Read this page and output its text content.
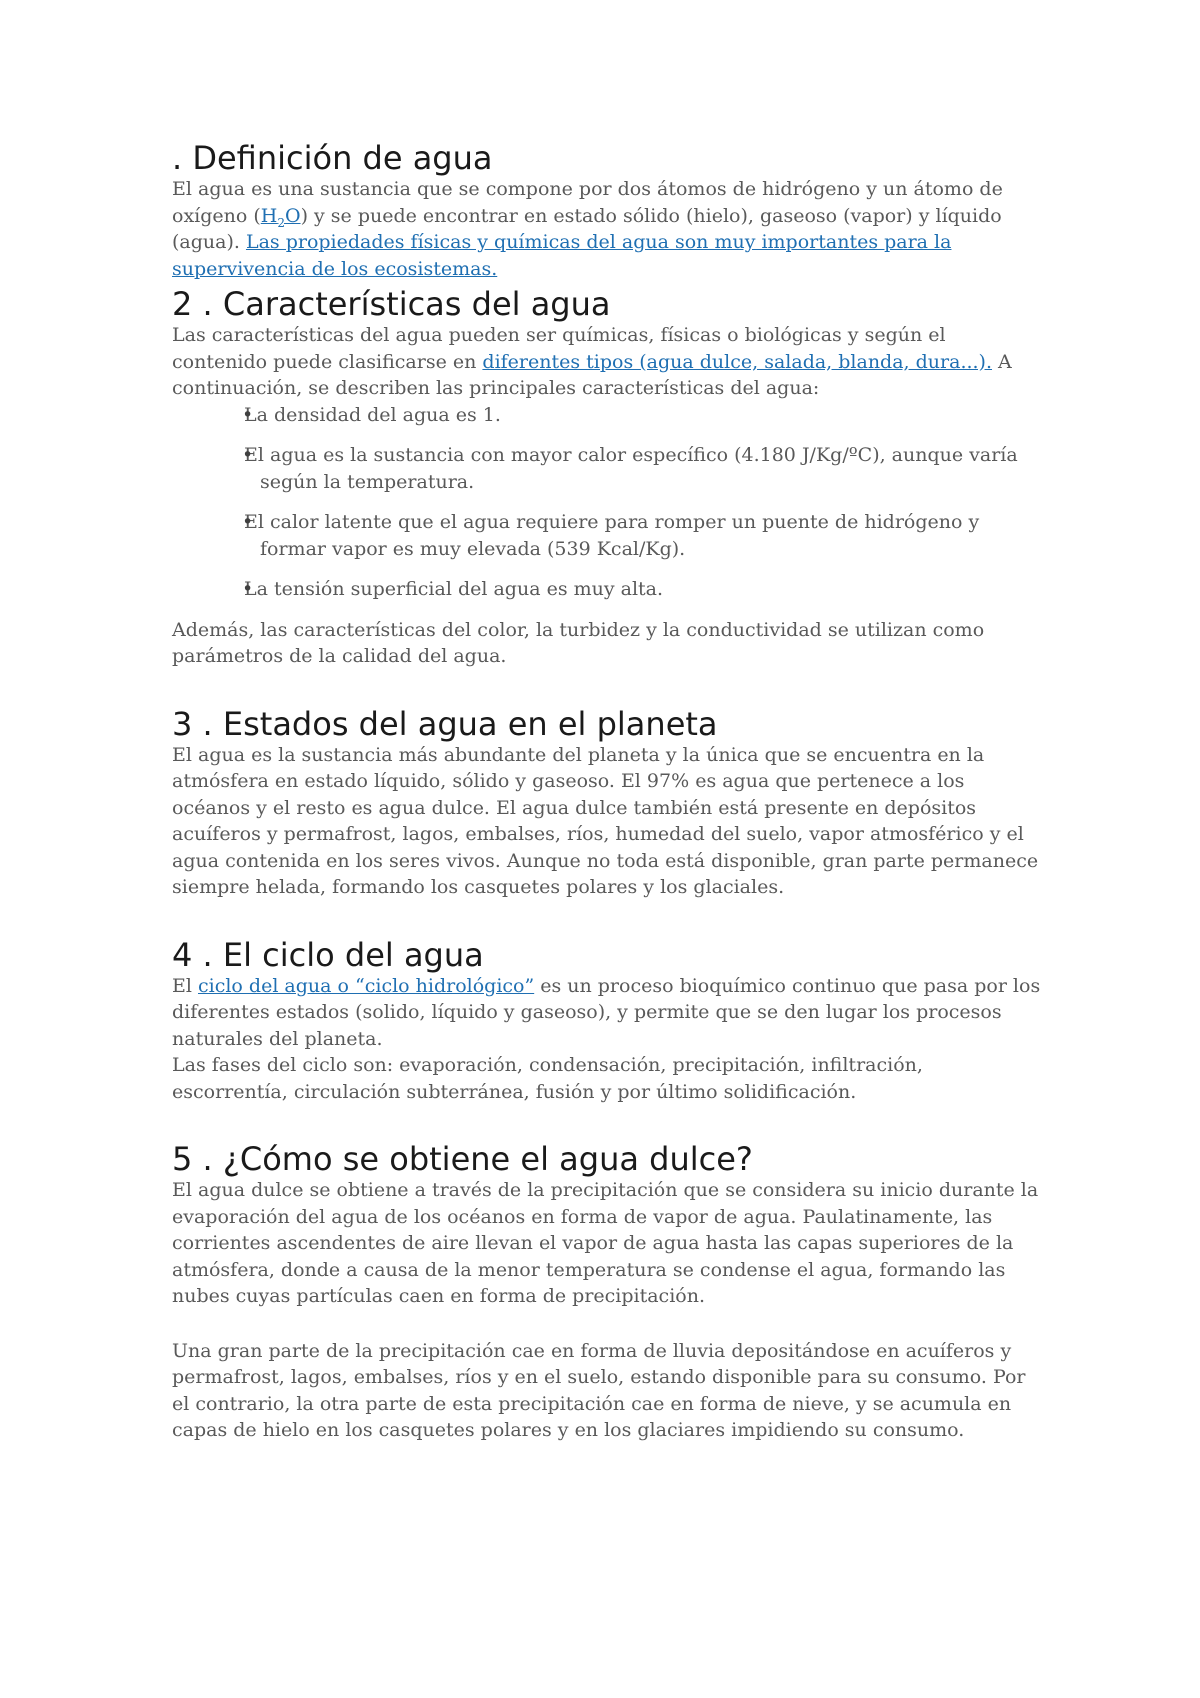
. Definición de agua

El agua es una sustancia que se compone por dos átomos de hidrógeno y un átomo de oxígeno $(H_2O)$ y se puede encontrar en estado sólido (hielo), gaseoso (vapor) y líquido (agua). Las propiedades físicas y químicas del agua son muy importantes para la supervivencia de los ecosistemas.

2 . Características del agua

Las características del agua pueden ser químicas, físicas o biológicas y según el contenido puede clasificarse en diferentes tipos (agua dulce, salada, blanda, dura...). A continuación, se describen las principales características del agua:

• La densidad del agua es 1.
• El agua es la sustancia con mayor calor específico (4.180 J/Kg/ºC), aunque varía según la temperatura.
• El calor latente que el agua requiere para romper un puente de hidrógeno y formar vapor es muy elevada (539 Kcal/Kg).
• La tensión superficial del agua es muy alta.

Además, las características del color, la turbidez y la conductividad se utilizan como parámetros de la calidad del agua.

3 . Estados del agua en el planeta

El agua es la sustancia más abundante del planeta y la única que se encuentra en la atmósfera en estado líquido, sólido y gaseoso. El 97% es agua que pertenece a los océanos y el resto es agua dulce. El agua dulce también está presente en depósitos acuíferos y permafrost, lagos, embalses, ríos, humedad del suelo, vapor atmosférico y el agua contenida en los seres vivos. Aunque no toda está disponible, gran parte permanece siempre helada, formando los casquetes polares y los glaciales.

4 . El ciclo del agua

El ciclo del agua o “ciclo hidrológico” es un proceso bioquímico continuo que pasa por los diferentes estados (solido, líquido y gaseoso), y permite que se den lugar los procesos naturales del planeta.

Las fases del ciclo son: evaporación, condensación, precipitación, infiltración, escorrentía, circulación subterránea, fusión y por último solidificación.

5 . ¿Cómo se obtiene el agua dulce?

El agua dulce se obtiene a través de la precipitación que se considera su inicio durante la evaporación del agua de los océanos en forma de vapor de agua. Paulatinamente, las corrientes ascendentes de aire llevan el vapor de agua hasta las capas superiores de la atmósfera, donde a causa de la menor temperatura se condense el agua, formando las nubes cuyas partículas caen en forma de precipitación.

Una gran parte de la precipitación cae en forma de lluvia depositándose en acuíferos y permafrost, lagos, embalses, ríos y en el suelo, estando disponible para su consumo. Por el contrario, la otra parte de esta precipitación cae en forma de nieve, y se acumula en capas de hielo en los casquetes polares y en los glaciares impidiendo su consumo.
